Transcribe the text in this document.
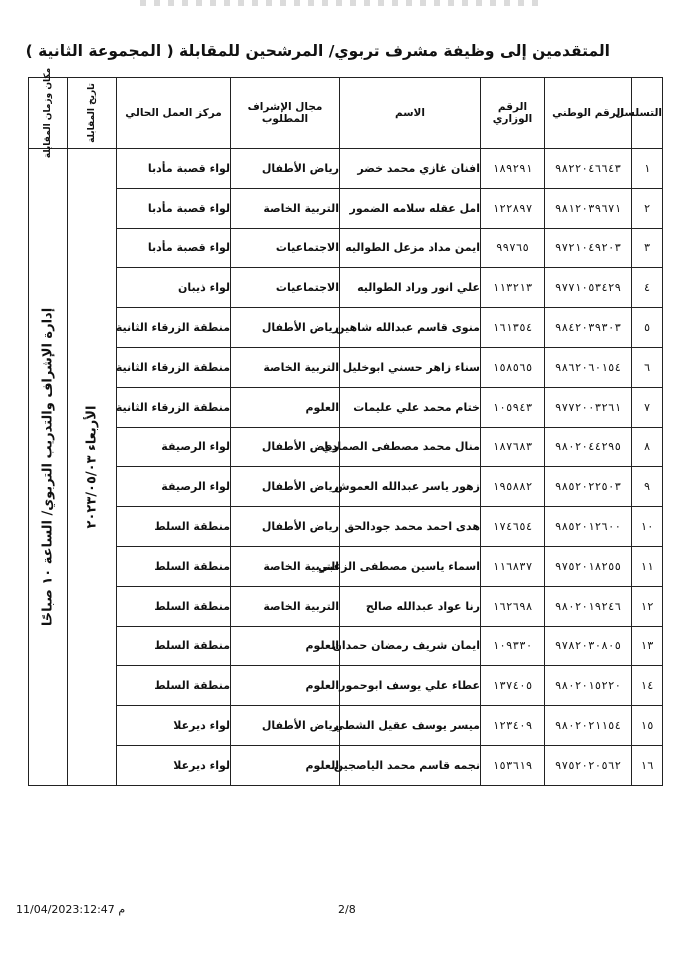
المتقدمين إلى وظيفة مشرف تربوي/ المرشحين للمقابلة ( المجموعة الثانية )
التسلسل	الرقم الوطني	الرقم الوزاري	الاسم	مجال الإشراف المطلوب	مركز العمل الحالي	تاريخ المقابلة	مكان وزمان المقابلة

١	٩٨٢٢٠٤٦٦٤٣	١٨٩٢٩١	افنان غازي محمد خضر	رياض الأطفال	لواء قصبة مأدبا	الأربعاء ٢٠٢٣/٠٥/٠٣	إدارة الإشراف والتدريب التربوي/ الساعة ١٠ صباحًا

٢	٩٨١٢٠٣٩٦٧١	١٢٢٨٩٧	امل عقله سلامه الضمور	التربية الخاصة	لواء قصبة مأدبا		
٣	٩٧٢١٠٤٩٢٠٣	٩٩٧٦٥	ايمن مداد مزعل الطواليه	الاجتماعيات	لواء قصبة مأدبا		
٤	٩٧٧١٠٥٣٤٢٩	١١٣٢١٣	علي انور وراد الطواليه	الاجتماعيات	لواء ذيبان		
٥	٩٨٤٢٠٣٩٣٠٣	١٦١٣٥٤	منوى قاسم عبدالله شاهين	رياض الأطفال	منطقة الزرقاء الثانية		
٦	٩٨٦٢٠٦٠١٥٤	١٥٨٥٦٥	سناء زاهر حسني ابوخليل	التربية الخاصة	منطقة الزرقاء الثانية		
٧	٩٧٧٢٠٠٣٢٦١	١٠٥٩٤٣	ختام محمد علي عليمات	العلوم	منطقة الزرقاء الثانية		
٨	٩٨٠٢٠٤٤٢٩٥	١٨٧٦٨٣	منال محمد مصطفى الصمادي	رياض الأطفال	لواء الرصيفة		
٩	٩٨٥٢٠٢٢٥٠٣	١٩٥٨٨٢	زهور ياسر عبدالله العموش	رياض الأطفال	لواء الرصيفة		
١٠	٩٨٥٢٠١٢٦٠٠	١٧٤٦٥٤	هدى احمد محمد جودالحق	رياض الأطفال	منطقة السلط		
١١	٩٧٥٢٠١٨٢٥٥	١١٦٨٣٧	اسماء ياسين مصطفى الزعبي	التربية الخاصة	منطقة السلط		
١٢	٩٨٠٢٠١٩٢٤٦	١٦٢٦٩٨	رنا عواد عبدالله صالح	التربية الخاصة	منطقة السلط		
١٣	٩٧٨٢٠٣٠٨٠٥	١٠٩٣٣٠	ايمان شريف رمضان حمدان	العلوم	منطقة السلط		
١٤	٩٨٠٢٠١٥٢٢٠	١٣٧٤٠٥	عطاء علي يوسف ابوحمور	العلوم	منطقة السلط		
١٥	٩٨٠٢٠٢١١٥٤	١٢٣٤٠٩	ميسر يوسف عقيل الشطي	رياض الأطفال	لواء ديرعلا		
١٦	٩٧٥٢٠٢٠٥٦٢	١٥٣٦١٩	نجمه قاسم محمد الياصجين	العلوم	لواء ديرعلا		
11/04/2023:12:47 م	2/8
